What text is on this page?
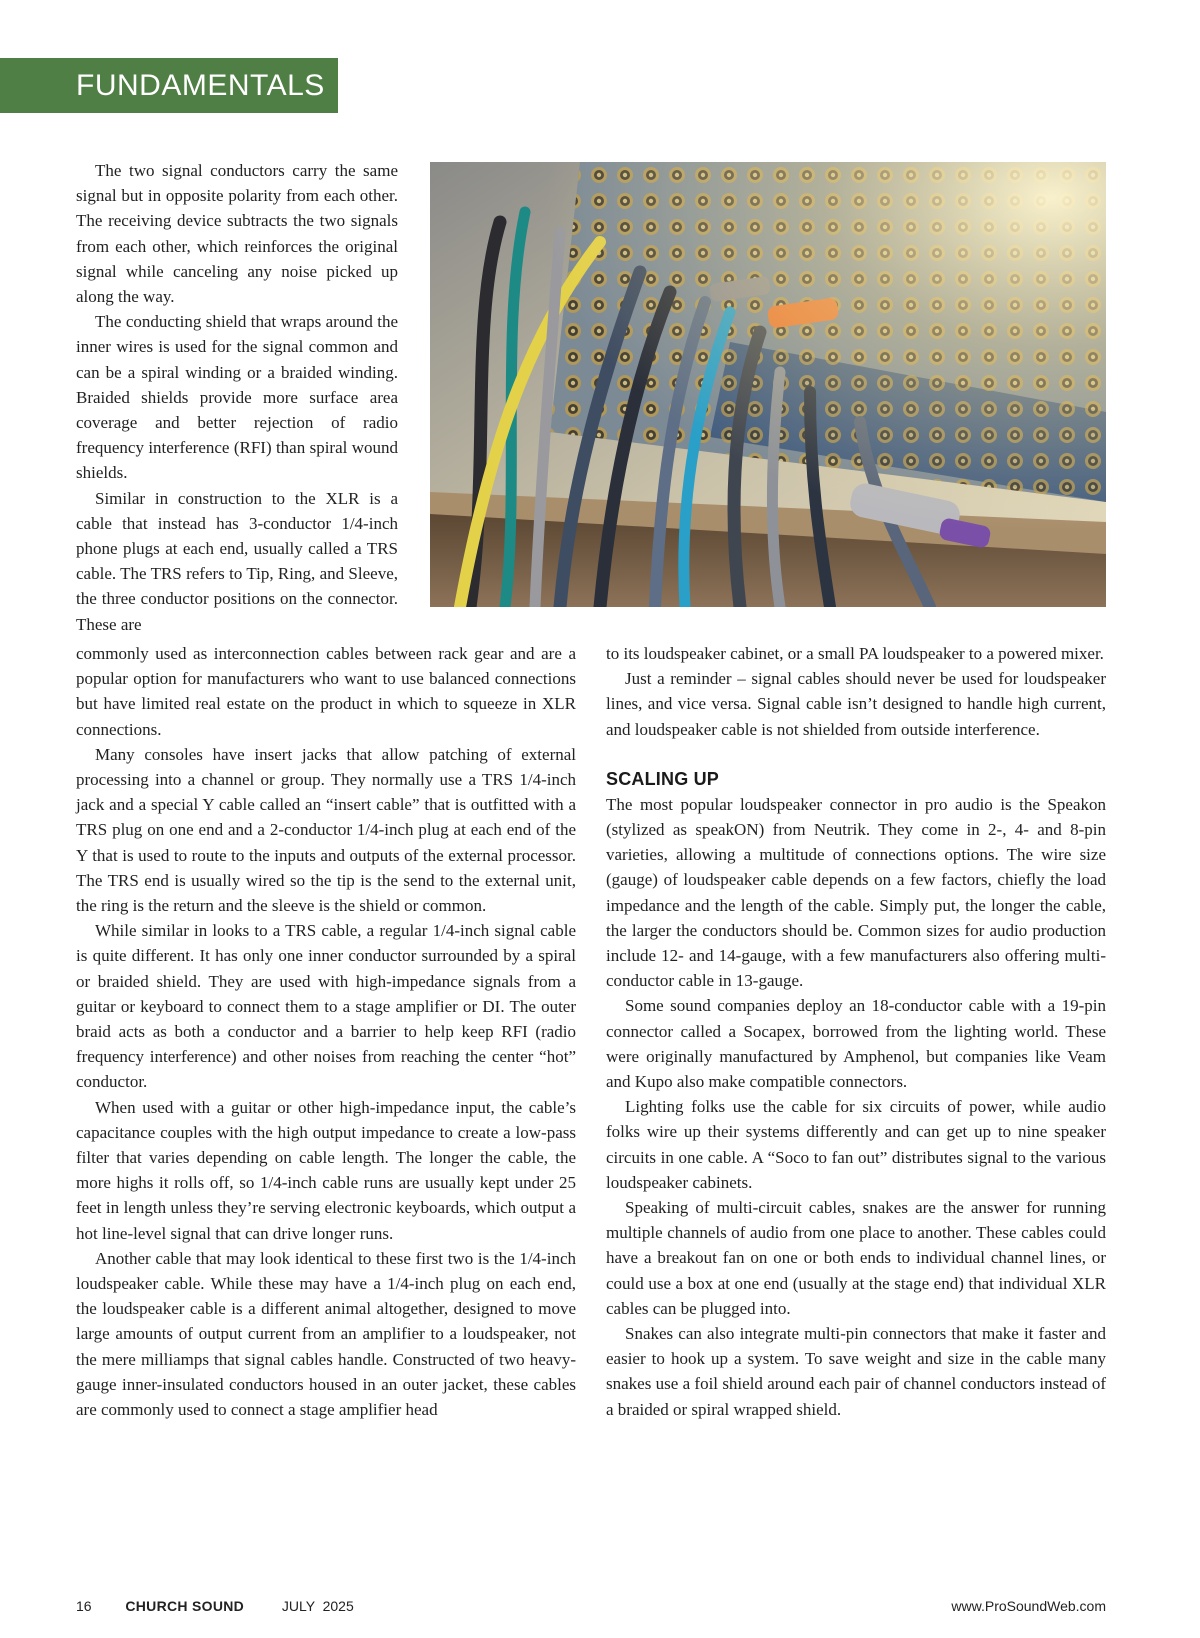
FUNDAMENTALS

The two signal conductors carry the same signal but in opposite polarity from each other. The receiving device subtracts the two signals from each other, which reinforces the original signal while canceling any noise picked up along the way.

The conducting shield that wraps around the inner wires is used for the signal common and can be a spiral winding or a braided winding. Braided shields provide more surface area coverage and better rejection of radio frequency interference (RFI) than spiral wound shields.

Similar in construction to the XLR is a cable that instead has 3-conductor 1/4-inch phone plugs at each end, usually called a TRS cable. The TRS refers to Tip, Ring, and Sleeve, the three conductor positions on the connector. These are

commonly used as interconnection cables between rack gear and are a popular option for manufacturers who want to use balanced connections but have limited real estate on the product in which to squeeze in XLR connections.

Many consoles have insert jacks that allow patching of external processing into a channel or group. They normally use a TRS 1/4-inch jack and a special Y cable called an “insert cable” that is outfitted with a TRS plug on one end and a 2-conductor 1/4-inch plug at each end of the Y that is used to route to the inputs and outputs of the external processor. The TRS end is usually wired so the tip is the send to the external unit, the ring is the return and the sleeve is the shield or common.

While similar in looks to a TRS cable, a regular 1/4-inch signal cable is quite different. It has only one inner conductor surrounded by a spiral or braided shield. They are used with high-impedance signals from a guitar or keyboard to connect them to a stage amplifier or DI. The outer braid acts as both a conductor and a barrier to help keep RFI (radio frequency interference) and other noises from reaching the center “hot” conductor.

When used with a guitar or other high-impedance input, the cable’s capacitance couples with the high output impedance to create a low-pass filter that varies depending on cable length. The longer the cable, the more highs it rolls off, so 1/4-inch cable runs are usually kept under 25 feet in length unless they’re serving electronic keyboards, which output a hot line-level signal that can drive longer runs.

Another cable that may look identical to these first two is the 1/4-inch loudspeaker cable. While these may have a 1/4-inch plug on each end, the loudspeaker cable is a different animal altogether, designed to move large amounts of output current from an amplifier to a loudspeaker, not the mere milliamps that signal cables handle. Constructed of two heavy-gauge inner-insulated conductors housed in an outer jacket, these cables are commonly used to connect a stage amplifier head

to its loudspeaker cabinet, or a small PA loudspeaker to a powered mixer.

Just a reminder – signal cables should never be used for loudspeaker lines, and vice versa. Signal cable isn’t designed to handle high current, and loudspeaker cable is not shielded from outside interference.

SCALING UP

The most popular loudspeaker connector in pro audio is the Speakon (stylized as speakON) from Neutrik. They come in 2-, 4- and 8-pin varieties, allowing a multitude of connections options. The wire size (gauge) of loudspeaker cable depends on a few factors, chiefly the load impedance and the length of the cable. Simply put, the longer the cable, the larger the conductors should be. Common sizes for audio production include 12- and 14-gauge, with a few manufacturers also offering multi-conductor cable in 13-gauge.

Some sound companies deploy an 18-conductor cable with a 19-pin connector called a Socapex, borrowed from the lighting world. These were originally manufactured by Amphenol, but companies like Veam and Kupo also make compatible connectors.

Lighting folks use the cable for six circuits of power, while audio folks wire up their systems differently and can get up to nine speaker circuits in one cable. A “Soco to fan out” distributes signal to the various loudspeaker cabinets.

Speaking of multi-circuit cables, snakes are the answer for running multiple channels of audio from one place to another. These cables could have a breakout fan on one or both ends to individual channel lines, or could use a box at one end (usually at the stage end) that individual XLR cables can be plugged into.

Snakes can also integrate multi-pin connectors that make it faster and easier to hook up a system. To save weight and size in the cable many snakes use a foil shield around each pair of channel conductors instead of a braided or spiral wrapped shield.

16 CHURCH SOUND	JULY  2025	www.ProSoundWeb.com
